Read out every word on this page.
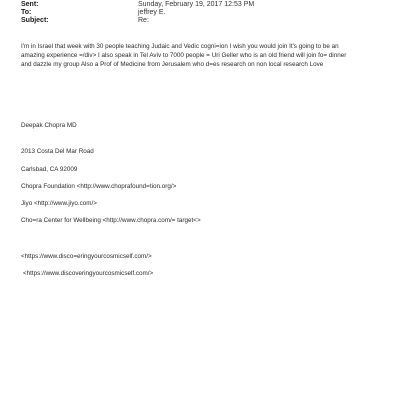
Sent:	Sunday, February 19, 2017 12:53 PM
To:	jeffrey E.
Subject:	Re:
I'm in Israel that week with 30 people teaching Judaic and Vedic cogni=ion I wish you would join It's going to be an
amazing experience =/div> I also speak in Tel Aviv to 7000 people = Uri Geller who is an old friend will join fo= dinner
and dazzle my group Also a Prof of Medicine from Jerusalem who d=es research on non local research Love
Deepak Chopra MD
2013 Costa Del Mar Road
Carlsbad, CA 92009
Chopra Foundation <http://www.choprafound=tion.org/>
Jiyo <http://www.jiyo.com/>
Cho=ra Center for Wellbeing <http://www.chopra.com/= target<>
<https://www.disco=eringyourcosmicself.com/>
<https://www.discoveringyourcosmicself.com/>
